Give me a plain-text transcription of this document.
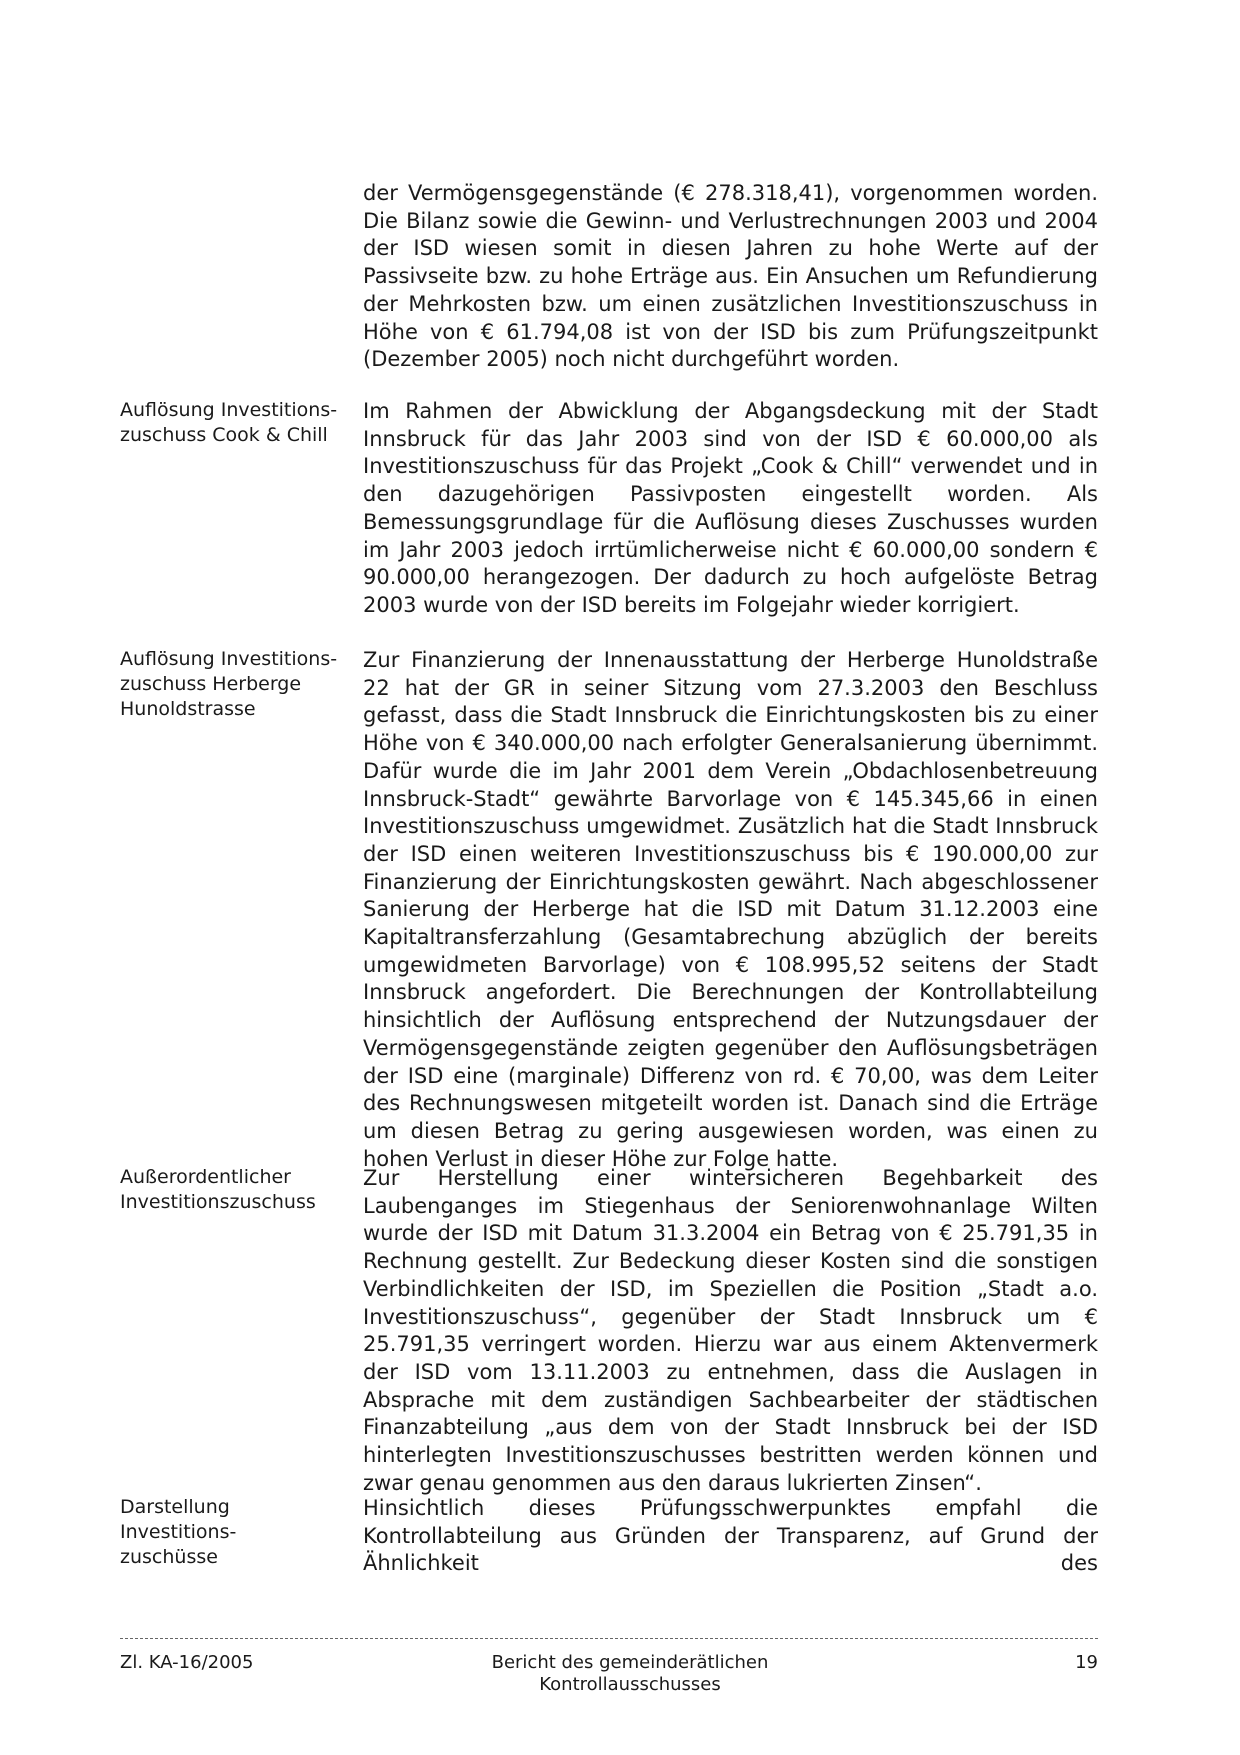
der Vermögensgegenstände (€ 278.318,41), vorgenommen worden. Die Bilanz sowie die Gewinn- und Verlustrechnungen 2003 und 2004 der ISD wiesen somit in diesen Jahren zu hohe Werte auf der Passivseite bzw. zu hohe Erträge aus. Ein Ansuchen um Refundierung der Mehrkosten bzw. um einen zusätzlichen Investitionszuschuss in Höhe von € 61.794,08 ist von der ISD bis zum Prüfungszeitpunkt (Dezember 2005) noch nicht durchgeführt worden.
Auflösung Investitions-
zuschuss Cook & Chill
Im Rahmen der Abwicklung der Abgangsdeckung mit der Stadt Innsbruck für das Jahr 2003 sind von der ISD € 60.000,00 als Investitionszuschuss für das Projekt „Cook & Chill“ verwendet und in den dazugehörigen Passivposten eingestellt worden. Als Bemessungsgrundlage für die Auflösung dieses Zuschusses wurden im Jahr 2003 jedoch irrtümlicherweise nicht € 60.000,00 sondern € 90.000,00 herangezogen. Der dadurch zu hoch aufgelöste Betrag 2003 wurde von der ISD bereits im Folgejahr wieder korrigiert.
Auflösung Investitions-
zuschuss Herberge
Hunoldstrasse
Zur Finanzierung der Innenausstattung der Herberge Hunoldstraße 22 hat der GR in seiner Sitzung vom 27.3.2003 den Beschluss gefasst, dass die Stadt Innsbruck die Einrichtungskosten bis zu einer Höhe von € 340.000,00 nach erfolgter Generalsanierung übernimmt. Dafür wurde die im Jahr 2001 dem Verein „Obdachlosenbetreuung Innsbruck-Stadt“ gewährte Barvorlage von € 145.345,66 in einen Investitionszuschuss umgewidmet. Zusätzlich hat die Stadt Innsbruck der ISD einen weiteren Investitionszuschuss bis € 190.000,00 zur Finanzierung der Einrichtungskosten gewährt. Nach abgeschlossener Sanierung der Herberge hat die ISD mit Datum 31.12.2003 eine Kapitaltransferzahlung (Gesamtabrechung abzüglich der bereits umgewidmeten Barvorlage) von € 108.995,52 seitens der Stadt Innsbruck angefordert. Die Berechnungen der Kontrollabteilung hinsichtlich der Auflösung entsprechend der Nutzungsdauer der Vermögensgegenstände zeigten gegenüber den Auflösungsbeträgen der ISD eine (marginale) Differenz von rd. € 70,00, was dem Leiter des Rechnungswesen mitgeteilt worden ist. Danach sind die Erträge um diesen Betrag zu gering ausgewiesen worden, was einen zu hohen Verlust in dieser Höhe zur Folge hatte.
Außerordentlicher
Investitionszuschuss
Zur Herstellung einer wintersicheren Begehbarkeit des Laubenganges im Stiegenhaus der Seniorenwohnanlage Wilten wurde der ISD mit Datum 31.3.2004 ein Betrag von € 25.791,35 in Rechnung gestellt. Zur Bedeckung dieser Kosten sind die sonstigen Verbindlichkeiten der ISD, im Speziellen die Position „Stadt a.o. Investitionszuschuss“, gegenüber der Stadt Innsbruck um € 25.791,35 verringert worden. Hierzu war aus einem Aktenvermerk der ISD vom 13.11.2003 zu entnehmen, dass die Auslagen in Absprache mit dem zuständigen Sachbearbeiter der städtischen Finanzabteilung „aus dem von der Stadt Innsbruck bei der ISD hinterlegten Investitionszuschusses bestritten werden können und zwar genau genommen aus den daraus lukrierten Zinsen“.
Darstellung Investitions-
zuschüsse
Hinsichtlich dieses Prüfungsschwerpunktes empfahl die Kontrollabteilung aus Gründen der Transparenz, auf Grund der Ähnlichkeit des
Zl. KA-16/2005	Bericht des gemeinderätlichen Kontrollausschusses
19
